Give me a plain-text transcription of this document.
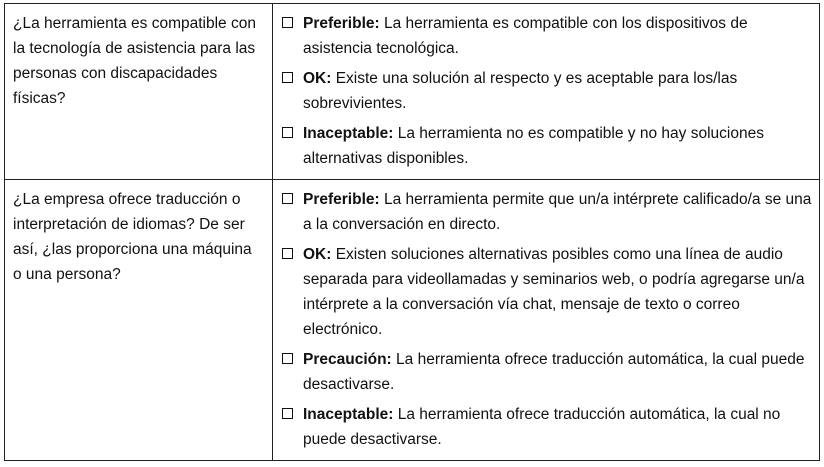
¿La herramienta es compatible con la tecnología de asistencia para las personas con discapacidades físicas?
Preferible: La herramienta es compatible con los dispositivos de asistencia tecnológica.
OK: Existe una solución al respecto y es aceptable para los/las sobrevivientes.
Inaceptable: La herramienta no es compatible y no hay soluciones alternativas disponibles.
¿La empresa ofrece traducción o interpretación de idiomas? De ser así, ¿las proporciona una máquina o una persona?
Preferible: La herramienta permite que un/a intérprete calificado/a se una a la conversación en directo.
OK: Existen soluciones alternativas posibles como una línea de audio separada para videollamadas y seminarios web, o podría agregarse un/a intérprete a la conversación vía chat, mensaje de texto o correo electrónico.
Precaución: La herramienta ofrece traducción automática, la cual puede desactivarse.
Inaceptable: La herramienta ofrece traducción automática, la cual no puede desactivarse.
